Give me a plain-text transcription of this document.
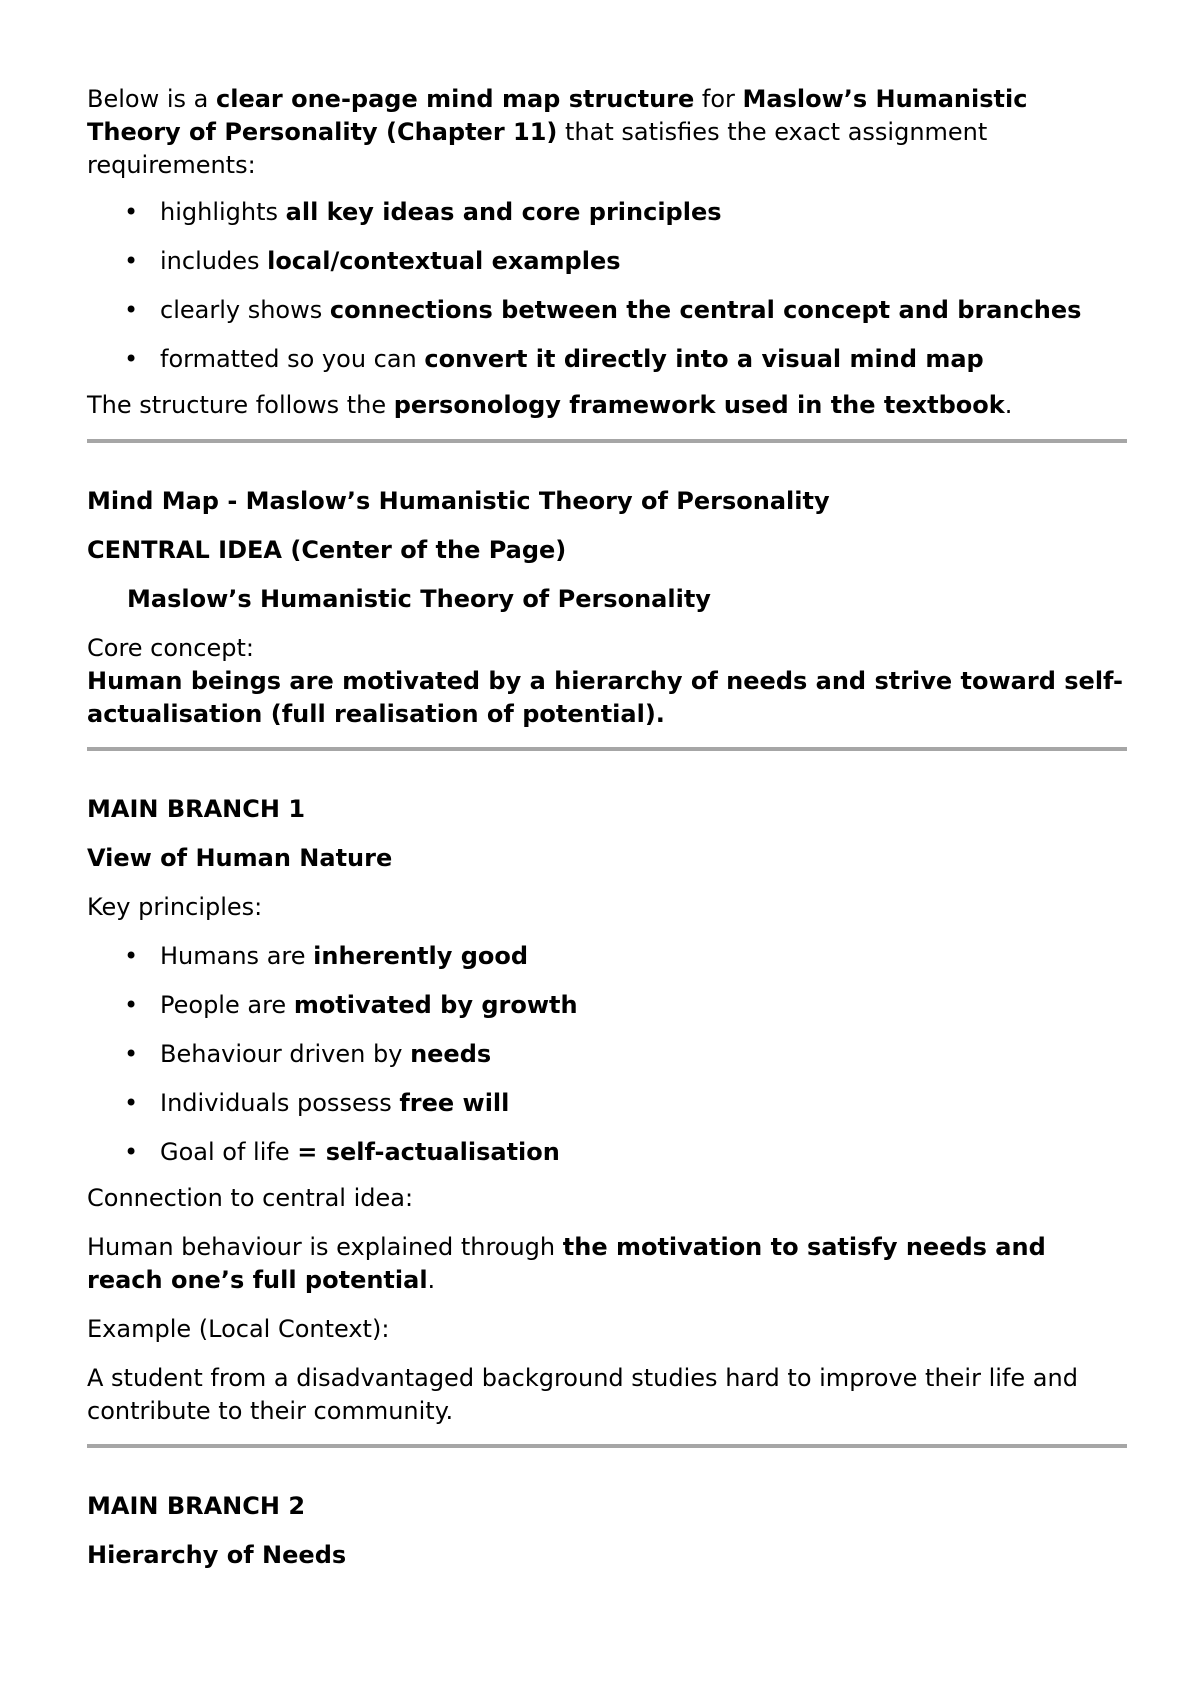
Below is a clear one-page mind map structure for Maslow’s Humanistic Theory of Personality (Chapter 11) that satisfies the exact assignment requirements:

• highlights all key ideas and core principles
• includes local/contextual examples
• clearly shows connections between the central concept and branches
• formatted so you can convert it directly into a visual mind map

The structure follows the personology framework used in the textbook.

Mind Map - Maslow’s Humanistic Theory of Personality

CENTRAL IDEA (Center of the Page)

Maslow’s Humanistic Theory of Personality

Core concept:

Human beings are motivated by a hierarchy of needs and strive toward self-actualisation (full realisation of potential).

MAIN BRANCH 1

View of Human Nature

Key principles:

• Humans are inherently good
• People are motivated by growth
• Behaviour driven by needs
• Individuals possess free will
• Goal of life = self-actualisation

Connection to central idea:

Human behaviour is explained through the motivation to satisfy needs and reach one’s full potential.

Example (Local Context):

A student from a disadvantaged background studies hard to improve their life and contribute to their community.

MAIN BRANCH 2

Hierarchy of Needs
